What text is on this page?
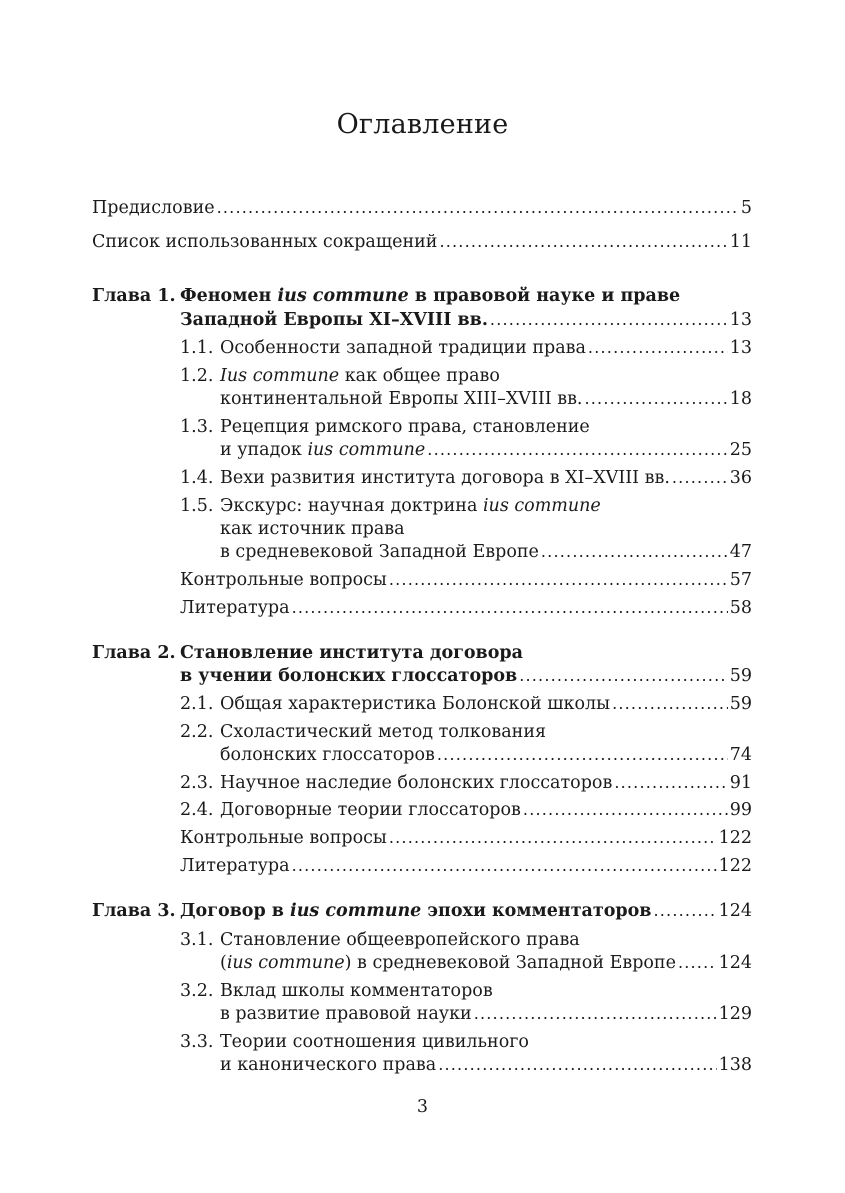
Оглавление
Предисловие .....	5
Список использованных сокращений .....	11
Глава 1. Феномен ius commune в правовой науке и праве
Западной Европы XI–XVIII вв. .....	13
1.1. Особенности западной традиции права .....	13
1.2. Ius commune как общее право
континентальной Европы XIII–XVIII вв. .....	18
1.3. Рецепция римского права, становление
и упадок ius commune .....	25
1.4. Вехи развития института договора в XI–XVIII вв. .....	36
1.5. Экскурс: научная доктрина ius commune
как источник права
в средневековой Западной Европе .....	47
Контрольные вопросы .....	57
Литература .....	58
Глава 2. Становление института договора
в учении болонских глоссаторов .....	59
2.1. Общая характеристика Болонской школы .....	59
2.2. Схоластический метод толкования
болонских глоссаторов .....	74
2.3. Научное наследие болонских глоссаторов .....	91
2.4. Договорные теории глоссаторов .....	99
Контрольные вопросы .....	122
Литература .....	122
Глава 3. Договор в ius commune эпохи комментаторов .....	124
3.1. Становление общеевропейского права
(ius commune) в средневековой Западной Европе ..... 124
3.2. Вклад школы комментаторов
в развитие правовой науки .....	129
3.3. Теории соотношения цивильного
и канонического права .....	138
3
